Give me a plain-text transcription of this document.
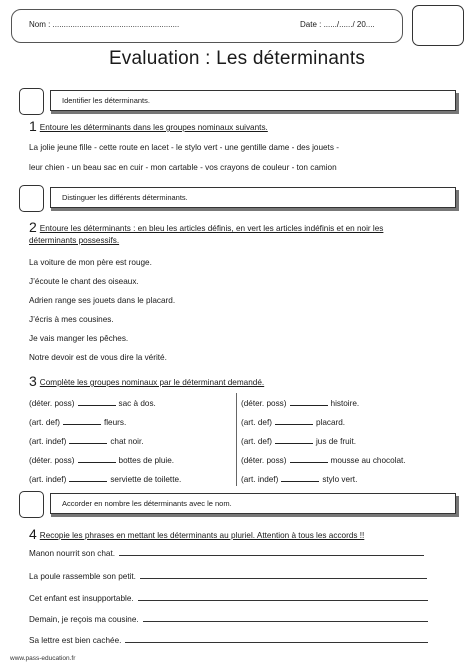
Nom : .........................................................	Date : ....../....../ 20....
Evaluation : Les déterminants
Identifier les déterminants.
1 Entoure les déterminants dans les groupes nominaux suivants.
La jolie jeune fille - cette route en lacet - le stylo vert - une gentille dame - des jouets -
leur chien - un beau sac en cuir - mon cartable - vos crayons de couleur - ton camion
Distinguer les différents déterminants.
2 Entoure les déterminants : en bleu les articles définis, en vert les articles indéfinis et en noir les
déterminants possessifs.
La voiture de mon père est rouge.
J’écoute le chant des oiseaux.
Adrien range ses jouets dans le placard.
J’écris à mes cousines.
Je vais manger les pêches.
Notre devoir est de vous dire la vérité.
3 Complète les groupes nominaux par le déterminant demandé.
(déter. poss)	sac à dos.
(art. def)	fleurs.
(art. indef)	chat noir.
(déter. poss)	bottes de pluie.
(art. indef)	serviette de toilette.
(déter. poss)	histoire.
(art. def)	placard.
(art. def)	jus de fruit.
(déter. poss)	mousse au chocolat.
(art. indef)	stylo vert.
Accorder en nombre les déterminants avec le nom.
4 Recopie les phrases en mettant les déterminants au pluriel. Attention à tous les accords !!
Manon nourrit son chat.
La poule rassemble son petit.
Cet enfant est insupportable.
Demain, je reçois ma cousine.
Sa lettre est bien cachée.
www.pass-education.fr
